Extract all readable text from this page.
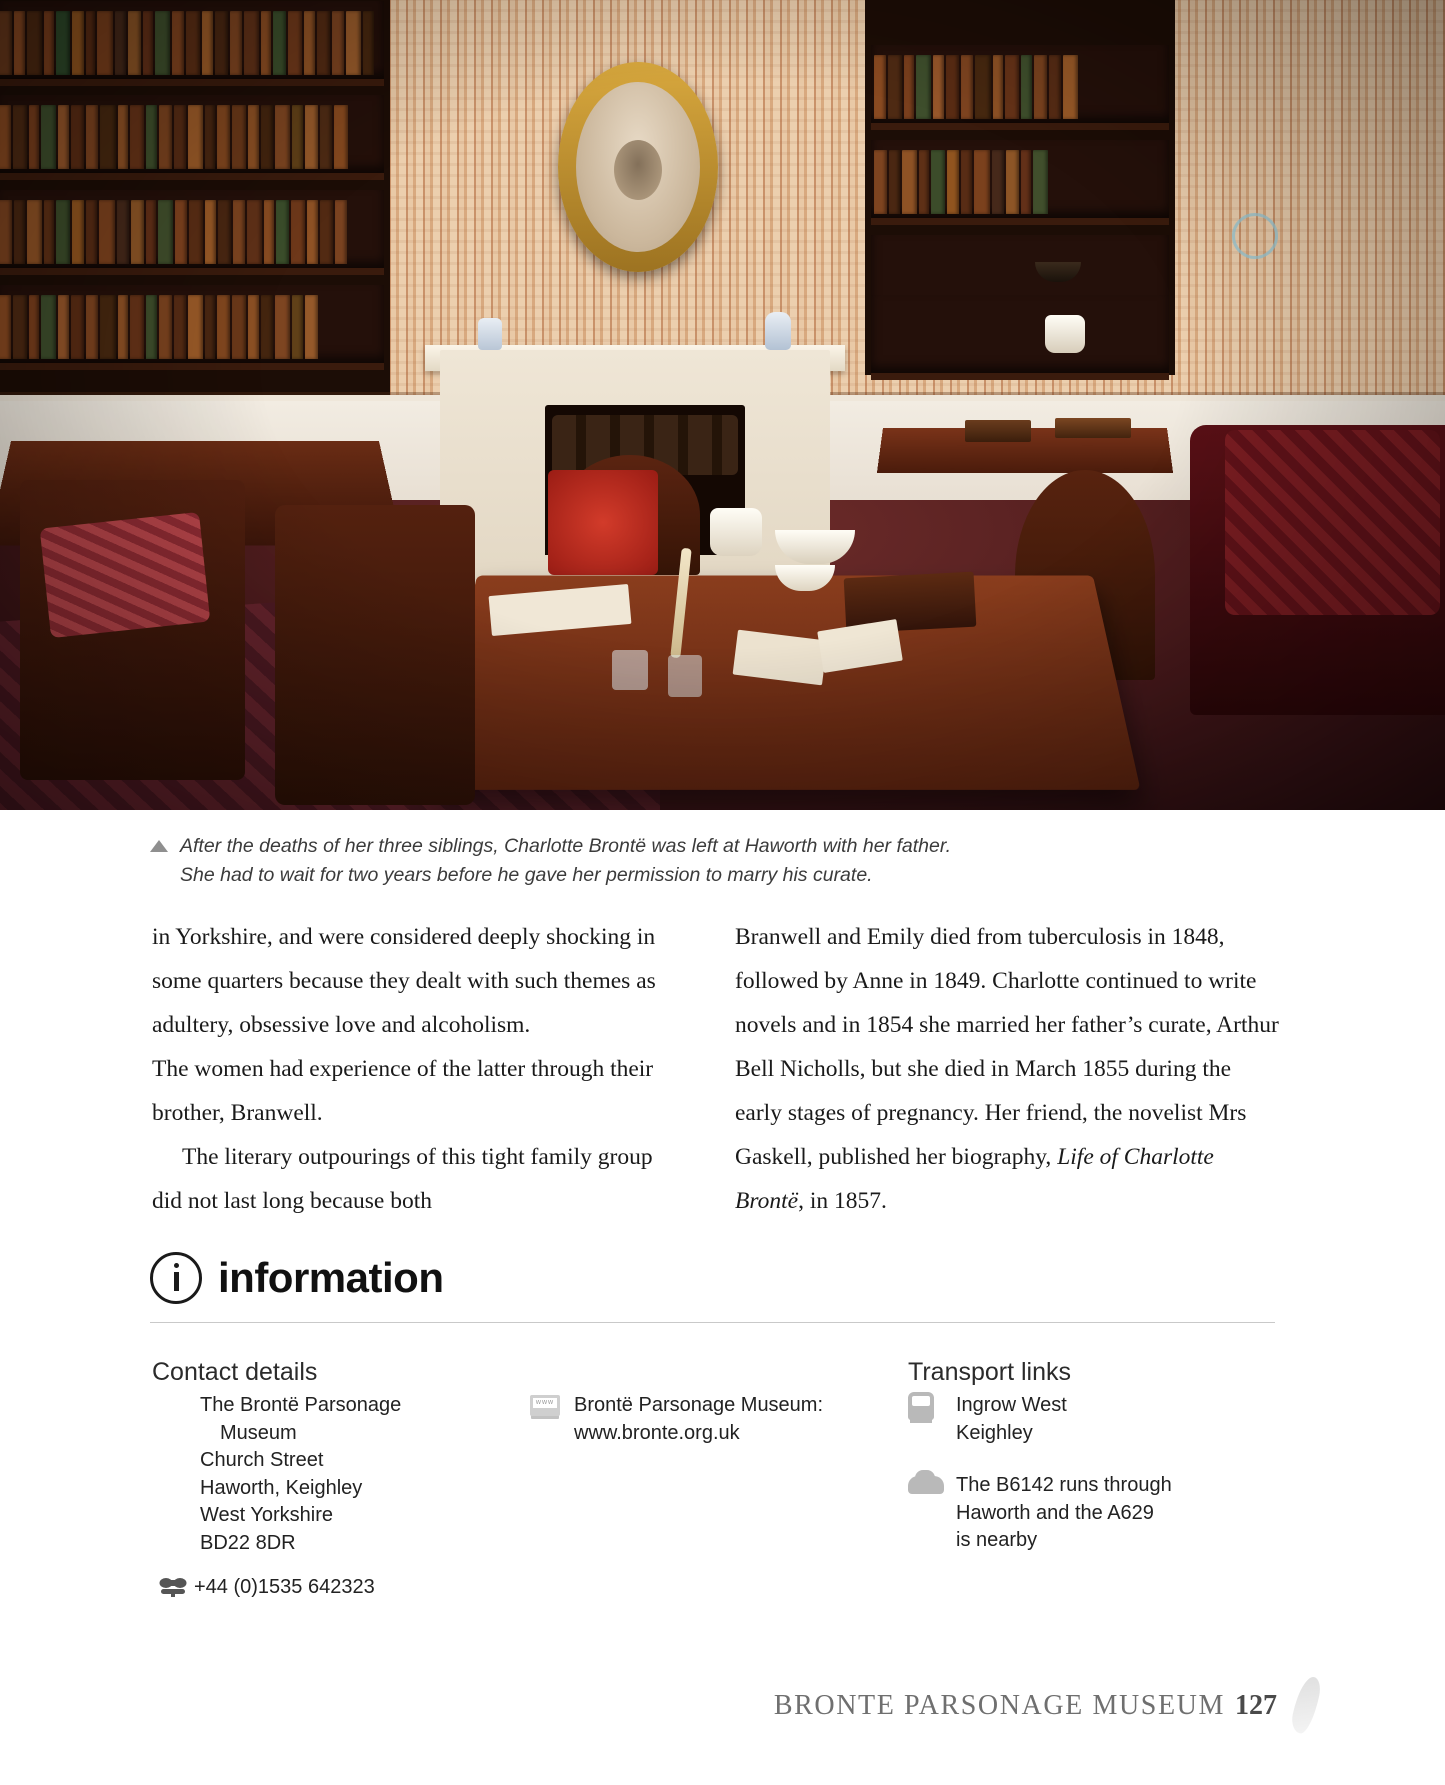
After the deaths of her three siblings, Charlotte Brontë was left at Haworth with her father.
She had to wait for two years before he gave her permission to marry his curate.

in Yorkshire, and were considered deeply shocking in some quarters because they dealt with such themes as adultery, obsessive love and alcoholism.

The women had experience of the latter through their brother, Branwell.

The literary outpourings of this tight family group did not last long because both

Branwell and Emily died from tuberculosis in 1848, followed by Anne in 1849. Charlotte continued to write novels and in 1854 she married her father’s curate, Arthur Bell Nicholls, but she died in March 1855 during the early stages of pregnancy. Her friend, the novelist Mrs Gaskell, published her biography, Life of Charlotte Brontë, in 1857.

information
Contact details	Transport links
The Brontë Parsonage
Museum
Church Street
Haworth, Keighley
West Yorkshire
BD22 8DR
+44 (0)1535 642323
www Brontë Parsonage Museum:
www.bronte.org.uk
Ingrow West
Keighley
The B6142 runs through
Haworth and the A629
is nearby
BRONTE PARSONAGE MUSEUM 127
